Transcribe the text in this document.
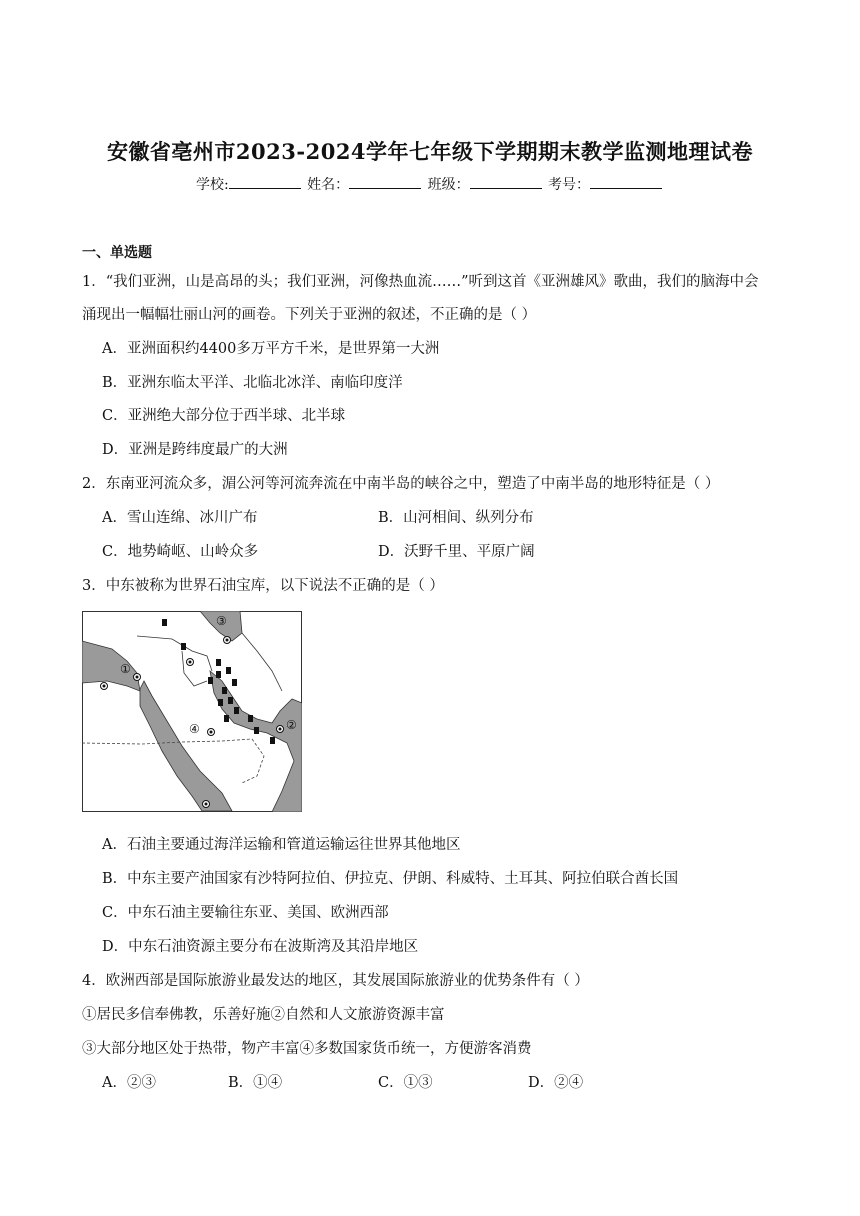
安徽省亳州市2023-2024学年七年级下学期期末教学监测地理试卷
学校:	姓名：	班级：	考号：
一、单选题
1．“我们亚洲，山是高昂的头；我们亚洲，河像热血流……”听到这首《亚洲雄风》歌曲，我们的脑海中会
涌现出一幅幅壮丽山河的画卷。下列关于亚洲的叙述，不正确的是（ ）
A．亚洲面积约4400多万平方千米，是世界第一大洲
B．亚洲东临太平洋、北临北冰洋、南临印度洋
C．亚洲绝大部分位于西半球、北半球
D．亚洲是跨纬度最广的大洲
2．东南亚河流众多，湄公河等河流奔流在中南半岛的峡谷之中，塑造了中南半岛的地形特征是（ ）
A．雪山连绵、冰川广布	B．山河相间、纵列分布
C．地势崎岖、山岭众多	D．沃野千里、平原广阔
3．中东被称为世界石油宝库，以下说法不正确的是（ ）
①
②
③
④
A．石油主要通过海洋运输和管道运输运往世界其他地区
B．中东主要产油国家有沙特阿拉伯、伊拉克、伊朗、科威特、土耳其、阿拉伯联合酋长国
C．中东石油主要输往东亚、美国、欧洲西部
D．中东石油资源主要分布在波斯湾及其沿岸地区
4．欧洲西部是国际旅游业最发达的地区，其发展国际旅游业的优势条件有（ ）
①居民多信奉佛教，乐善好施②自然和人文旅游资源丰富
③大部分地区处于热带，物产丰富④多数国家货币统一，方便游客消费
A．②③	B．①④	C．①③	D．②④
